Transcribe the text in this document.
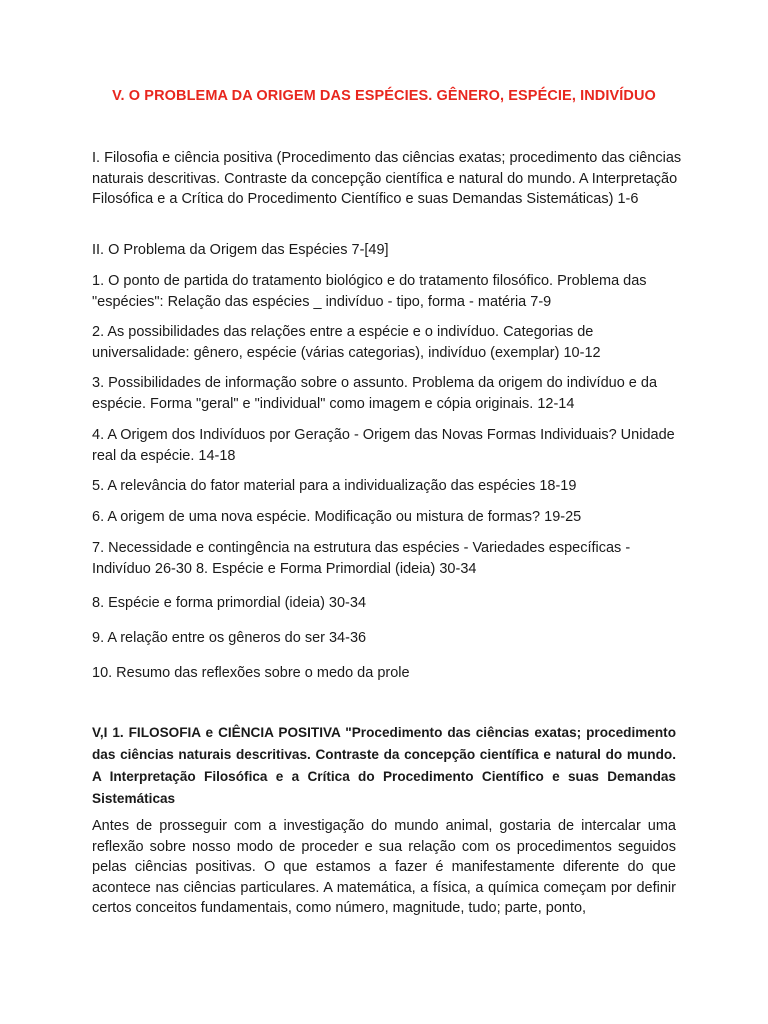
V. O PROBLEMA DA ORIGEM DAS ESPÉCIES. GÊNERO, ESPÉCIE, INDIVÍDUO
I. Filosofia e ciência positiva (Procedimento das ciências exatas; procedimento das ciências naturais descritivas. Contraste da concepção científica e natural do mundo. A Interpretação Filosófica e a Crítica do Procedimento Científico e suas Demandas Sistemáticas) 1-6
II. O Problema da Origem das Espécies 7-[49]
1. O ponto de partida do tratamento biológico e do tratamento filosófico. Problema das "espécies": Relação das espécies _ indivíduo - tipo, forma - matéria 7-9
2. As possibilidades das relações entre a espécie e o indivíduo. Categorias de universalidade: gênero, espécie (várias categorias), indivíduo (exemplar) 10-12
3. Possibilidades de informação sobre o assunto. Problema da origem do indivíduo e da espécie. Forma "geral" e "individual" como imagem e cópia originais. 12-14
4. A Origem dos Indivíduos por Geração - Origem das Novas Formas Individuais? Unidade real da espécie. 14-18
5. A relevância do fator material para a individualização das espécies 18-19
6. A origem de uma nova espécie. Modificação ou mistura de formas? 19-25
7. Necessidade e contingência na estrutura das espécies - Variedades específicas - Indivíduo 26-30 8. Espécie e Forma Primordial (ideia) 30-34
8. Espécie e forma primordial (ideia) 30-34
9. A relação entre os gêneros do ser 34-36
10. Resumo das reflexões sobre o medo da prole
V,I 1. FILOSOFIA e CIÊNCIA POSITIVA "Procedimento das ciências exatas; procedimento das ciências naturais descritivas. Contraste da concepção científica e natural do mundo. A Interpretação Filosófica e a Crítica do Procedimento Científico e suas Demandas Sistemáticas
Antes de prosseguir com a investigação do mundo animal, gostaria de intercalar uma reflexão sobre nosso modo de proceder e sua relação com os procedimentos seguidos pelas ciências positivas. O que estamos a fazer é manifestamente diferente do que acontece nas ciências particulares. A matemática, a física, a química começam por definir certos conceitos fundamentais, como número, magnitude, tudo; parte, ponto,
